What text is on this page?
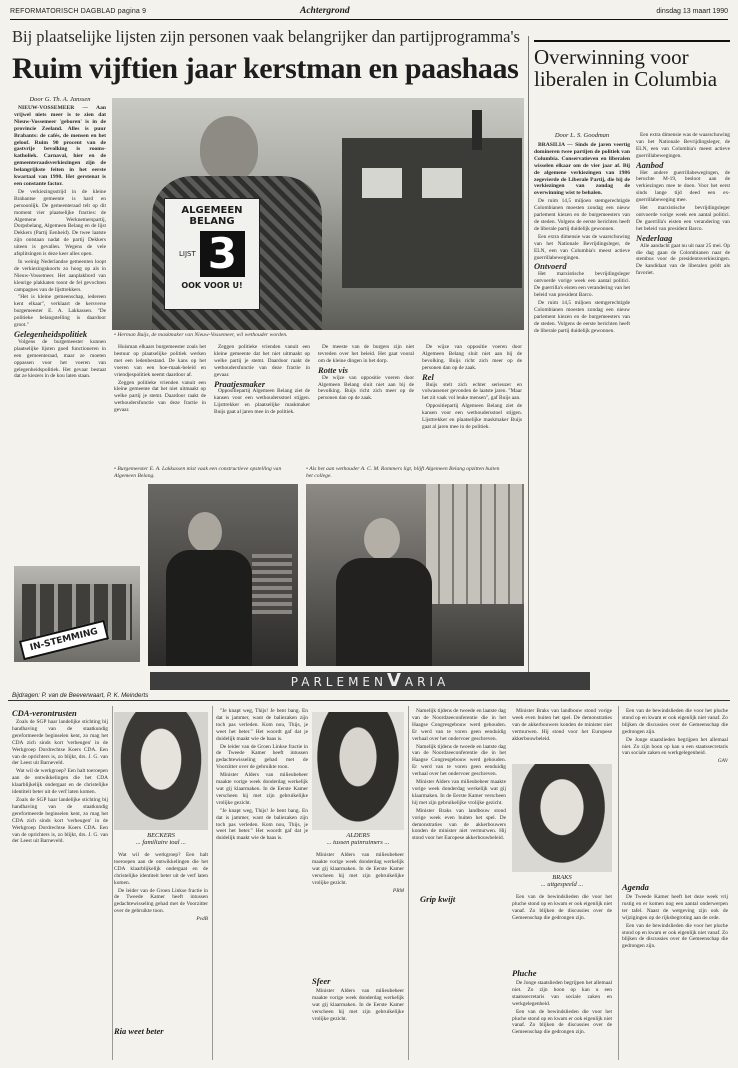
REFORMATORISCH DAGBLAD pagina 9	Achtergrond	dinsdag 13 maart 1990
Bij plaatselijke lijsten zijn personen vaak belangrijker dan partijprogramma's
Ruim vijftien jaar kerstman en paashaas
Door G. Th. A. Janssen

NIEUW-VOSSEMEER — Aan vrijwel niets meer is te zien dat Nieuw-Vossemeer 'geboren' is in de provincie Zeeland. Alles is puur Brabants: de cafés, de mensen en het geloof. Ruim 90 procent van de gastvrije bevolking is rooms-katholiek. Carnaval, hier en de gemeenteraadsverkiezingen zijn de belangrijkste feiten in het eerste kwartaal van 1990. Het gerstenat is een constante factor.

De verkiezingsstrijd in de kleine Brabantse gemeente is hard en persoonlijk. De gemeenteraad telt op dit moment vier plaatselijke fracties: de Algemene Werknemerspartij, Dorpsbelang, Algemeen Belang en de lijst Dekkers (Partij Eenheid). De twee laatste zijn ontstaan nadat de partij Dekkers uiteen is gevallen. Wegens de vele afsplitsingen is deze keer alles open.

In weinig Nederlandse gemeenten loopt de verkiezingskoorts zo hoog op als in Nieuw-Vossemeer. Het aanplakbord van kleurige plakkaten toont de fel gevochten campagnes van de lijsttrekkers.

"Het is kleine gemeenschap, iedereen kent elkaar", verklaart de kersverse burgemeester E. A. Lakkassen. "De politieke belangstelling is daardoor groot."

Gelegenheidspolitiek

Volgens de burgemeester kunnen plaatselijke lijsten goed functioneren in een gemeenteraad, maar ze moeten oppassen voor het voeren van gelegenheidspolitiek. Het gevaar bestaat dat ze kiezers in de kou laten staan.

ALGEMEEN
BELANG
LIJST 3
OOK VOOR U!
• Herman Buijs, de maskmaker van Nieuw-Vossemeer, wil wethouder worden.

Huisman elkaars burgemeester zoals het bestuur op plaatselijke politiek werken met een ledenbestand. De kans op het voeren van een hoe-maak-beleid en vriendjespolitiek neemt daardoor af.

Zeggen politieke vrienden vanuit een kleine gemeente dat het niet uitmaakt op welke partij je stemt. Daardoor raakt de wethoudersfunctie van deze fractie in gevaar.

Zeggen politieke vrienden vanuit een kleine gemeente dat het niet uitmaakt op welke partij je stemt. Daardoor raakt de wethoudersfunctie van deze fractie in gevaar.

Praatjesmaker

Oppositiepartij Algemeen Belang ziet de kansen voor een wethoudersstoel stijgen. Lijsttrekker en plaatselijke maskmaker Buijs gaat al jaren mee in de politiek.

De meeste van de burgers zijn niet tevreden over het beleid. Het gaat vooral om de kleine dingen in het dorp.

Rotte vis

De wijze van oppositie voeren door Algemeen Belang sluit niet aan bij de bevolking. Buijs richt zich meer op de personen dan op de zaak.

De wijze van oppositie voeren door Algemeen Belang sluit niet aan bij de bevolking. Buijs richt zich meer op de personen dan op de zaak.

Rel

Buijs stelt zich echter serieuzer en volwassener gevonden de laatste jaren. "Maar het zit vaak vol leuke mensen", gaf Buijs aan.

Oppositiepartij Algemeen Belang ziet de kansen voor een wethoudersstoel stijgen. Lijsttrekker en plaatselijke maskmaker Buijs gaat al jaren mee in de politiek.

• Burgemeester E. A. Lakkassen mist vaak een constructieve opstelling van Algemeen Belang.
• Als het aan wethouder A. C. M. Rommers ligt, blijft Algemeen Belang opzitten buiten het college.
IN-STEMMING
Overwinning voor liberalen in Columbia
Door L. S. Goodman

BRASILIA — Sinds de jaren veertig domineren twee partijen de politiek van Columbia. Conservatieven en liberalen wisselen elkaar om de vier jaar af. Bij de algemene verkiezingen van 1986 zegevierde de Liberale Partij, die bij de verkiezingen van zondag de overwinning wist te behalen.

De ruim 14,5 miljoen stemgerechtigde Colombianen moesten zondag een nieuw parlement kiezen en de burgemeesters van de steden. Volgens de eerste berichten heeft de liberale partij duidelijk gewonnen.

Een extra dimensie was de waarschuwing van het Nationale Bevrijdingsleger, de ELN, een van Columbia's meest actieve guerrillabewegingen.

Ontvoerd

Het marxistische bevrijdingsleger ontvoerde vorige week een aantal politici. De guerrilla's eisten een verandering van het beleid van president Barco.

De ruim 14,5 miljoen stemgerechtigde Colombianen moesten zondag een nieuw parlement kiezen en de burgemeesters van de steden. Volgens de eerste berichten heeft de liberale partij duidelijk gewonnen.

Een extra dimensie was de waarschuwing van het Nationale Bevrijdingsleger, de ELN, een van Columbia's meest actieve guerrillabewegingen.

Aanbod

Het andere guerrillabewegingen, de beruchte M-19, besloot aan de verkiezingen mee te doen. Voor het eerst sinds lange tijd deed een ex-guerrillabeweging mee.

Het marxistische bevrijdingsleger ontvoerde vorige week een aantal politici. De guerrilla's eisten een verandering van het beleid van president Barco.

Nederlaag

Alle aandacht gaat nu uit naar 25 mei. Op die dag gaan de Colombianen naar de stembus voor de presidentsverkiezingen. De kandidaat van de liberalen geldt als favoriet.

PARLEMENVARIA
Bijdragen: P. van de Beeverwaart, P. K. Meinderts
CDA-verontrusten

Zoals de SGP haar landelijke stichting bij handhaving van de staatkundig gereformeerde beginselen kent, zo mag het CDA zich sinds kort 'verheugen' in de Werkgroep Dordrechtse Koers CDA. Een van de oprichters is, zo blijkt, drs. J. G. van der Leest uit Barneveld.

Wat wil de werkgroep? Een halt toeroepen aan de ontwikkelingen die het CDA klaarblijkelijk ondergaat en de christelijke identiteit beter uit de verf laten komen.

Zoals de SGP haar landelijke stichting bij handhaving van de staatkundig gereformeerde beginselen kent, zo mag het CDA zich sinds kort 'verheugen' in de Werkgroep Dordrechtse Koers CDA. Een van de oprichters is, zo blijkt, drs. J. G. van der Leest uit Barneveld.

BECKERS
... familiaire toal ...

Wat wil de werkgroep? Een halt toeroepen aan de ontwikkelingen die het CDA klaarblijkelijk ondergaat en de christelijke identiteit beter uit de verf laten komen.

De leider van de Groen Linkse fractie in de Tweede Kamer heeft intussen gedachtewisseling gehad met de Voorzitter over de gebruikte toon.

PvdB

Ria weet beter

"Je knapt weg, Thijs! Je bent bang. En dat is jammer, want de baliezaken zijn toch pas verleden. Kom nou, Thijs, je weet het beter." Het woordt gaf dat je duidelijk maakt wie de baas is.

De leider van de Groen Linkse fractie in de Tweede Kamer heeft intussen gedachtewisseling gehad met de Voorzitter over de gebruikte toon.

Minister Alders van milieubeheer maakte vorige week donderdag werkelijk wat gij klaarmaken. In de Eerste Kamer verscheen hij met zijn gebruikelijke vrolijke gezicht.

"Je knapt weg, Thijs! Je bent bang. En dat is jammer, want de baliezaken zijn toch pas verleden. Kom nou, Thijs, je weet het beter." Het woordt gaf dat je duidelijk maakt wie de baas is.	ALDERS
... tussen puinruimers ...

Minister Alders van milieubeheer maakte vorige week donderdag werkelijk wat gij klaarmaken. In de Eerste Kamer verscheen hij met zijn gebruikelijke vrolijke gezicht.

PRM

Sfeer

Minister Alders van milieubeheer maakte vorige week donderdag werkelijk wat gij klaarmaken. In de Eerste Kamer verscheen hij met zijn gebruikelijke vrolijke gezicht.

Namelijk tijdens de tweede en laatste dag van de Noordzeeconferentie die in het Haagse Congresgebouw werd gehouden. Er werd van te voren geen eenduidig verhaal over het ondervoer geschreven.

Namelijk tijdens de tweede en laatste dag van de Noordzeeconferentie die in het Haagse Congresgebouw werd gehouden. Er werd van te voren geen eenduidig verhaal over het ondervoer geschreven.

Minister Alders van milieubeheer maakte vorige week donderdag werkelijk wat gij klaarmaken. In de Eerste Kamer verscheen hij met zijn gebruikelijke vrolijke gezicht.

Minister Braks van landbouw stond vorige week even buiten het spel. De demonstraties van de akkerbouwers konden de minister niet vermurwen. Hij stond voor het Europese akkerbouwbeleid.

Minister Braks van landbouw stond vorige week even buiten het spel. De demonstraties van de akkerbouwers konden de minister niet vermurwen. Hij stond voor het Europese akkerbouwbeleid.

BRAKS
... uitgespeeld ...
Grip kwijt	Een van de bewindslieden die voor het pluche stond op en kwam er ook eigenlijk niet vanaf. Zo blijken de discussies over de Gemeenschap die gedrongen zijn.

Pluche

De Jonge staatslieden begrijpen het allemaal niet. Zo zijn hoon op kan u een staatssecretaris van sociale zaken en werkgelegenheid.

Een van de bewindslieden die voor het pluche stond op en kwam er ook eigenlijk niet vanaf. Zo blijken de discussies over de Gemeenschap die gedrongen zijn.

Een van de bewindslieden die voor het pluche stond op en kwam er ook eigenlijk niet vanaf. Zo blijken de discussies over de Gemeenschap die gedrongen zijn.

De Jonge staatslieden begrijpen het allemaal niet. Zo zijn hoon op kan u een staatssecretaris van sociale zaken en werkgelegenheid.

GAV

Agenda

De Tweede Kamer heeft het deze week vrij rustig en er komen nog een aantal onderwerpen ter tafel. Naast de wetgeving zijn ook de wijzigingen op de rijksbegroting aan de orde.

Een van de bewindslieden die voor het pluche stond op en kwam er ook eigenlijk niet vanaf. Zo blijken de discussies over de Gemeenschap die gedrongen zijn.
